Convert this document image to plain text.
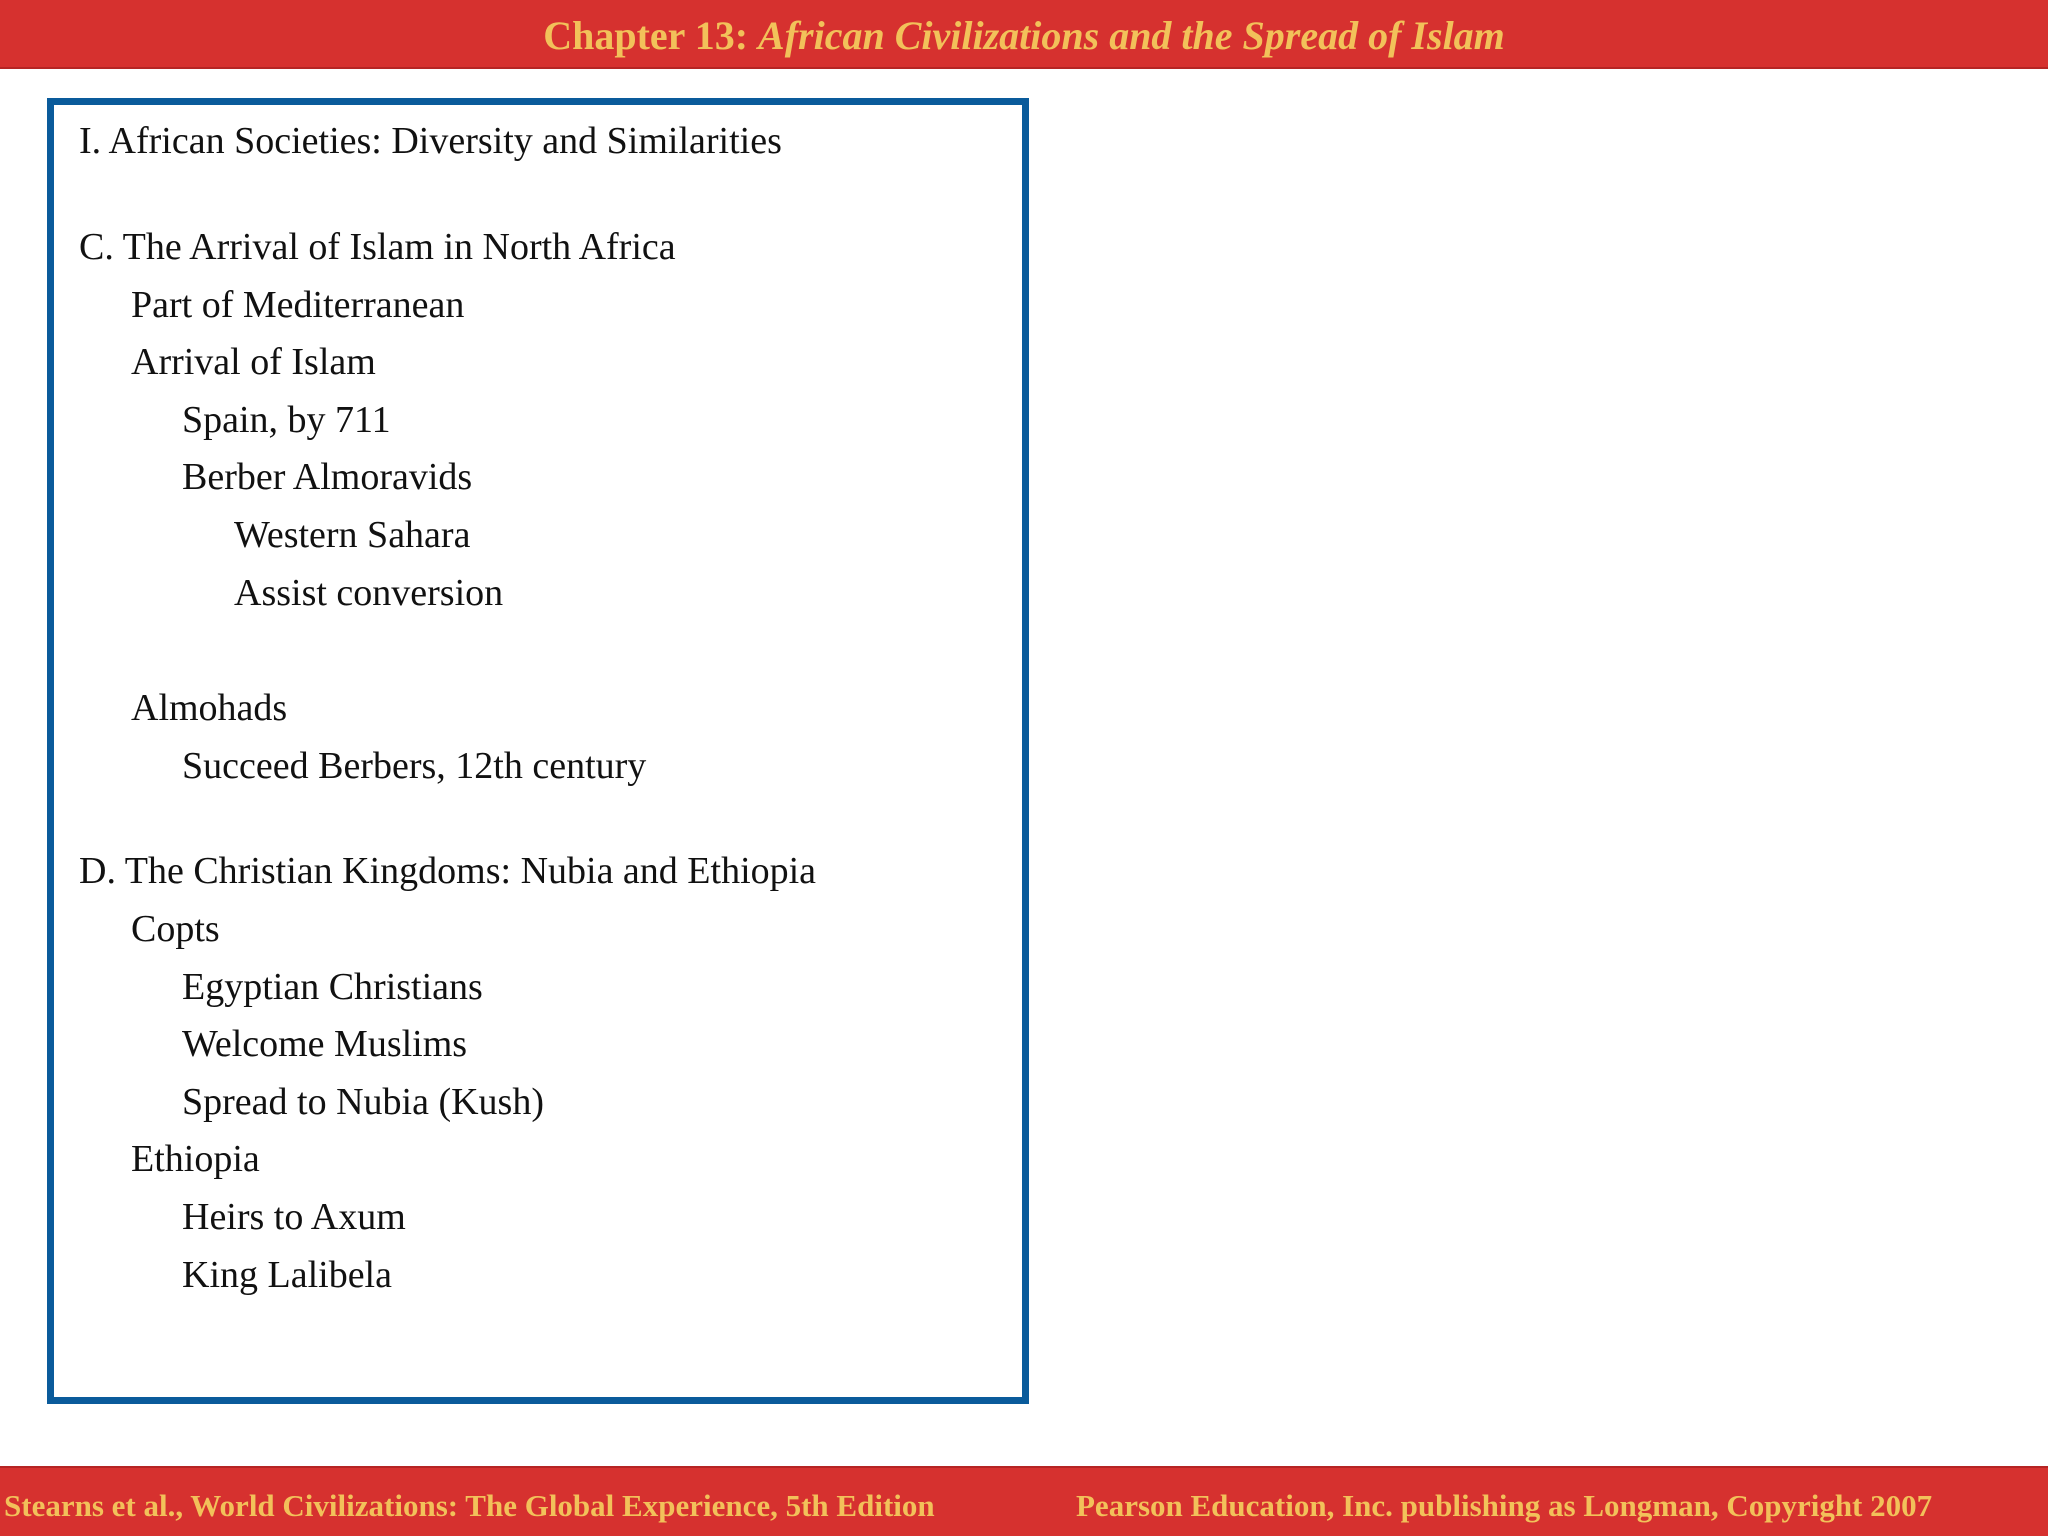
Chapter 13: African Civilizations and the Spread of Islam
I. African Societies: Diversity and Similarities
C. The Arrival of Islam in North Africa
Part of Mediterranean
Arrival of Islam
Spain, by 711
Berber Almoravids
Western Sahara
Assist conversion
Almohads
Succeed Berbers, 12th century
D. The Christian Kingdoms: Nubia and Ethiopia
Copts
Egyptian Christians
Welcome Muslims
Spread to Nubia (Kush)
Ethiopia
Heirs to Axum
King Lalibela
Stearns et al., World Civilizations: The Global Experience, 5th Edition	Pearson Education, Inc. publishing as Longman, Copyright 2007
